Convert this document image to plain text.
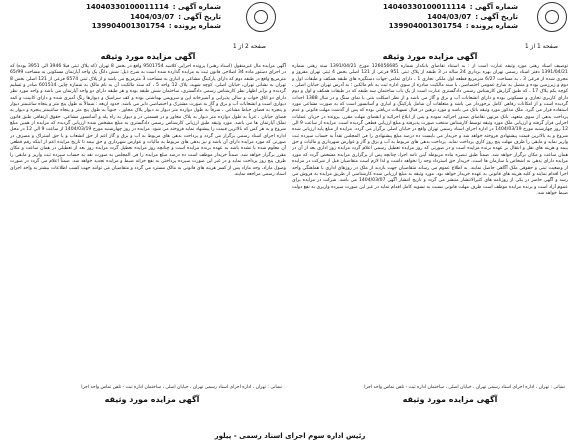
شماره آگهی :
14040330100011114
تاریخ آگهی :
1404/03/07
شماره پرونده :
139904001301754
شماره آگهی :
14040330100011114
تاریخ آگهی :
1404/03/07
شماره پرونده :
139904001301754
صفحه 1 از 1
صفحه 2 از 1
آگهی مزایده مورد وثیقه
توصیف اسناد رهنی مورد وثیقه عبارت است از : به استناد تقاضای بانکدار شماره 126056685 مورخ 1391/04/21 سند رهنی شماره 1391/04/21 دفتر اسناد رسمی تهران بهره برداری 24 ساله در 3 طبقه از پلاک ثبتی 951 فرعی از 121 اصلی بخش 4 ثبتی تهران مفروز و مجزی شده از فرعی 3 ، به مساحت 6/27 مترمربع قطعه اول ملکی تجاری 1 ، دارای تمامی جهات دستگیره های طبقه همکف و طبقات اول و دوم و زیرزمین بوده و متصل به شارع عمومی اختصاصی، با سند مالکیت صادره از سوی اداره ثبت به نام مالکین ؛ به آدرس تهران خیابان اصلی ، کوچه یکم پلاک 17 ، که طبق گزارش کارشناس رسمی دادگستری عبارت است از یک باب ساختمان سه طبقه که در طبقات همکف و اول و دوم دارای کاربری تجاری و مسکونی بوده و دارای انشعابات آب و برق و گاز می باشد و از نظر اسکلت بتنی با نمای سنگ و در سال 1388 احداث گردیده است و از امکانات رفاهی کامل برخوردار می باشد و متعلقات آن شامل پارکینگ و انباری و آسانسور است که به صورت مشاعی مورد استفاده قرار می گیرد. ملک مذکور مورد وثیقه بانک می باشد و مورد ترهین در قبال تسهیلات دریافتی بوده که پس از گذشت مهلت قانونی و عدم پرداخت بدهی از سوی متعهد، بانک مرتهن تقاضای صدور اجرائیه نموده و پس از ابلاغ اجرائیه و انقضای مهلت مقرر، پرونده در جریان عملیات اجرایی قرار گرفته و ارزیابی ملک مورد وثیقه توسط کارشناس منتخب صورت پذیرفته و مبلغ ارزیابی قطعی گردیده است. مزایده از ساعت 9 الی 12 روز چهارشنبه مورخ 1404/03/19 در اداره اجرای اسناد رسمی تهران واقع در خیابان اصلی برگزار می گردد. مزایده از مبلغ پایه ارزیابی شده شروع و به بالاترین قیمت پیشنهادی فروخته خواهد شد و خریدار می بایست ده درصد مبلغ پیشنهادی را فی المجلس نقداً به حساب سپرده ثبت واریز نماید و مابقی را ظرف مهلت پنج روز کاری پرداخت نماید. پرداخت بدهی های مربوط به آب و برق و گاز و عوارض شهرداری و مالیات و حق بیمه و هزینه های نقل و انتقال بر عهده برنده مزایده است و در صورتی که روز مزایده تعطیل رسمی اعلام گردد مزایده روز اداری بعد از آن در همان ساعت و مکان برگزار خواهد شد. ضمناً طبق تبصره ماده مربوطه آیین نامه اجرا، چنانچه پس از برگزاری مزایده مشخص گردد که مورد مزایده دارای بدهی به اشخاص یا سازمان ها است، خریدار حق استرداد وجه را نخواهد داشت و لذا لازم است متقاضیان قبل از شرکت در مزایده از وضعیت ثبتی و حقوقی ملک آگاهی حاصل نمایند. به اطلاع عموم می رساند متقاضیان جهت بازدید از ملک در روزهای اداری با هماهنگی واحد اجرا اقدام نمایند و کلیه هزینه های قانونی به عهده خریدار خواهد بود. مورد وثیقه به مبلغ ارزیابی شده کارشناسی از طریق مزایده به فروش می رسد و آگهی حاضر در یکی از روزنامه های کثیرالانتشار منتشر می گردد و تاریخ انتشار آگهی 1404/03/07 می باشد. شرکت در مزایده برای عموم آزاد است و برنده مزایده موظف است ظرف مهلت قانونی نسبت به تسویه کامل اقدام نماید در غیر این صورت سپرده واریزی به نفع دولت ضبط خواهد شد.
آگهی مزایده مورد وثیقه
آگهی مزایده مال غیرمنقول (اسناد رهنی) پرونده اجرایی کلاسه 9501754 واقع در بخش 8 تهران (که پلاک ثبتی فیلا 3946 الی 3951 بوده) که در اجرای دستور ماده 34 اصلاحی قانون ثبت به مزایده گذارده شده است به شرح ذیل: شش دانگ یک واحد آپارتمان مسکونی به مساحت 65/99 مترمربع واقع در طبقه دوم که دارای پارکینگ مشاعی و انباری به مساحت 3 مترمربع می باشد و از پلاک ثبتی 6574 فرعی از 121 اصلی بخش 8 تهران به نشانی تهران، خیابان اصلی، کوچه شهید، پلاک 12 واحد 5 ، که سند مالکیت آن به نام مالک به شماره چاپی 601514 صادر و تسلیم گردیده و برابر اظهار نظر کارشناس رسمی دادگستری، ساختمان شش طبقه بوده و هر طبقه دارای دو واحد آپارتمان می باشد و واحد مورد نظر دارای دو اتاق خواب و سالن پذیرایی و آشپزخانه اپن و سرویس بهداشتی بوده و کف سرامیک و دیوارها رنگ آمیزی شده و دارای کابینت و کمد دیواری است و انشعابات آب و برق و گاز به صورت مشترک و اختصاصی دایر می باشد. حدود اربعه : شمالاً به طول پنج متر و پنجاه سانتیمتر دیوار و پنجره به فضای حیاط مشاعی ، شرقاً به طول دوازده متر دیوار به دیوار پلاک مجاور ، جنوباً به طول پنج متر و پنجاه سانتیمتر پنجره و دیوار به فضای خیابان ، غرباً به طول دوازده متر دیوار به پلاک مجاور و در قسمتی در و دیوار به راه پله و آسانسور مشاعی. حقوق ارتفاقی طبق قانون تملک آپارتمان ها می باشد. مورد وثیقه طبق ارزیابی کارشناس رسمی دادگستری به مبلغ مشخص شده ارزیابی گردیده که مزایده از همین مبلغ شروع و به هر کس که بالاترین قیمت را پیشنهاد نماید فروخته می شود. مزایده در روز چهارشنبه مورخ 1404/03/19 از ساعت 9 الی 12 در محل اداره اجرای اسناد رسمی برگزار می گردد و پرداخت بدهی های مربوط به آب و برق و گاز اعم از حق انشعاب و یا حق اشتراک و مصرف در صورتی که مورد مزایده دارای آن باشد و نیز بدهی های مربوط به مالیات و عوارض شهرداری و حق بیمه تا تاریخ مزایده اعم از اینکه رقم قطعی آن معلوم شده یا نشده باشد به عهده برنده مزایده است و چنانچه روز مزایده تعطیل گردد مزایده روز بعد از تعطیلی در همان ساعت و مکان مقرر برگزار خواهد شد. ضمناً خریدار موظف است ده درصد مبلغ مزایده را فی المجلس به صورت نقد به حساب سپرده ثبت واریز و مابقی را ظرف پنج روز پرداخت نماید و در غیر این صورت سپرده پرداختی به نفع خزانه ضبط و مزایده تجدید خواهد شد. ضمناً اعلام می گردد در صورت وصول مازاد، وجه مازاد پس از کسر هزینه های قانونی به مالک مسترد می گردد و متقاضیان می توانند جهت کسب اطلاعات بیشتر به واحد اجرای اسناد رسمی مراجعه نمایند.
نشانی : تهران ، اداره اجرای اسناد رسمی تهران ، خیابان اصلی ، ساختمان اداره ثبت - تلفن تماس واحد اجرا
نشانی : تهران ، اداره اجرای اسناد رسمی تهران ، خیابان اصلی ، ساختمان اداره ثبت - تلفن تماس واحد اجرا
آگهی مزایده مورد وثیقه
آگهی مزایده مورد وثیقه
رئیس اداره سوم اجرای اسناد رسمی - پیلور
